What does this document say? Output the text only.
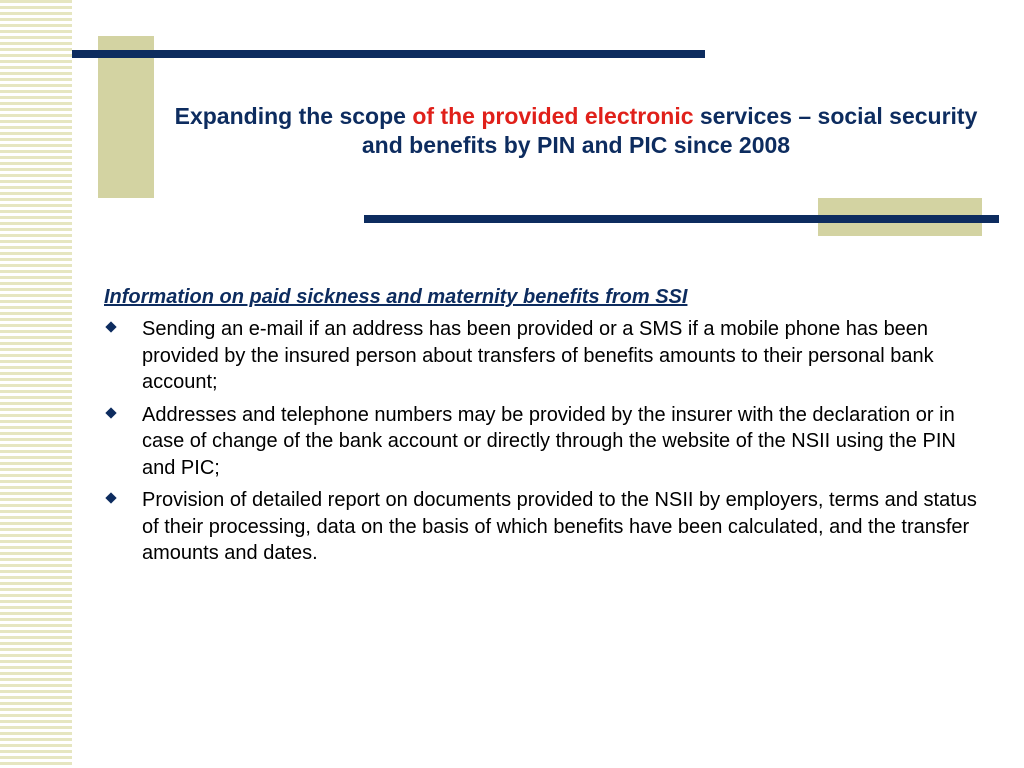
Expanding the scope of the provided electronic services – social security and benefits by PIN and PIC since 2008
Information on paid sickness and maternity benefits from SSI
Sending an e-mail if an address has been provided or a SMS if a mobile phone has been provided by the insured person about transfers of benefits amounts to their personal bank account;
Addresses and telephone numbers may be provided by the insurer with the declaration or in case of change of the bank account or directly through the website of the NSII using the PIN and PIC;
Provision of detailed report on documents provided to the NSII by employers, terms and status of their processing, data on the basis of which benefits have been calculated, and the transfer amounts and dates.
